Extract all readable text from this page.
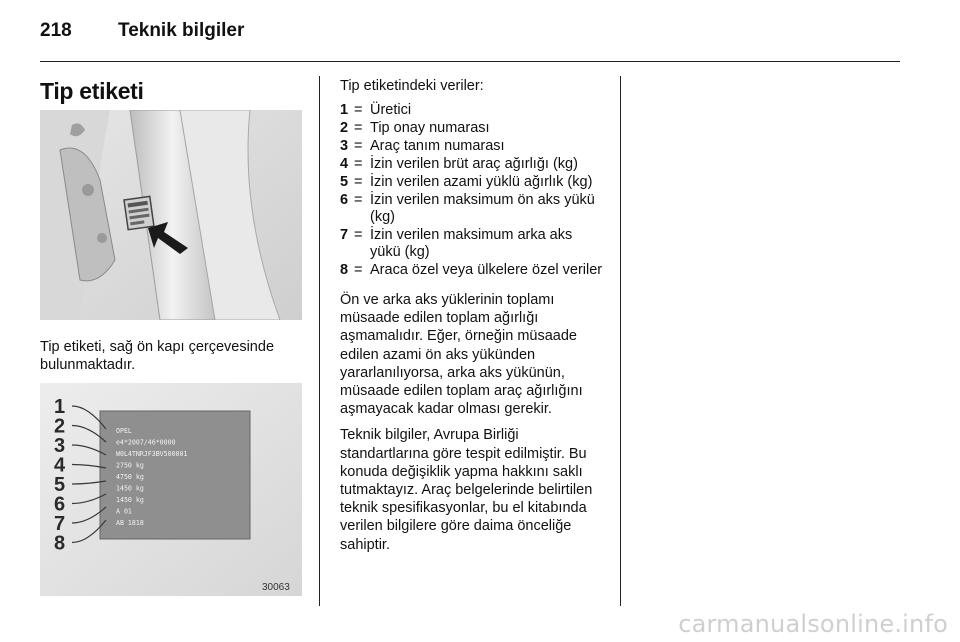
218 Teknik bilgiler
Tip etiketi
Tip etiketi, sağ ön kapı çerçevesinde bulunmaktadır.
OPEL
e4*2007/46*0000
W0L4TNRJF3BV500001
2750 kg
4750 kg
1450 kg
1450 kg
A 01
AB 1818
1
2
3
4
5
6
7
8
30063
Tip etiketindeki veriler:
1 = Üretici
2 = Tip onay numarası
3 = Araç tanım numarası
4 = İzin verilen brüt araç ağırlığı (kg)
5 = İzin verilen azami yüklü ağırlık (kg)
6 = İzin verilen maksimum ön aks yükü (kg)
7 = İzin verilen maksimum arka aks yükü (kg)
8 = Araca özel veya ülkelere özel veriler

Ön ve arka aks yüklerinin toplamı müsaade edilen toplam ağırlığı aşmamalıdır. Eğer, örneğin müsaade edilen azami ön aks yükünden yararlanılıyorsa, arka aks yükünün, müsaade edilen toplam araç ağırlığını aşmayacak kadar olması gerekir.

Teknik bilgiler, Avrupa Birliği standartlarına göre tespit edilmiştir. Bu konuda değişiklik yapma hakkını saklı tutmaktayız. Araç belgelerinde belirtilen teknik spesifikasyonlar, bu el kitabında verilen bilgilere göre daima önceliğe sahiptir.

carmanualsonline.info
